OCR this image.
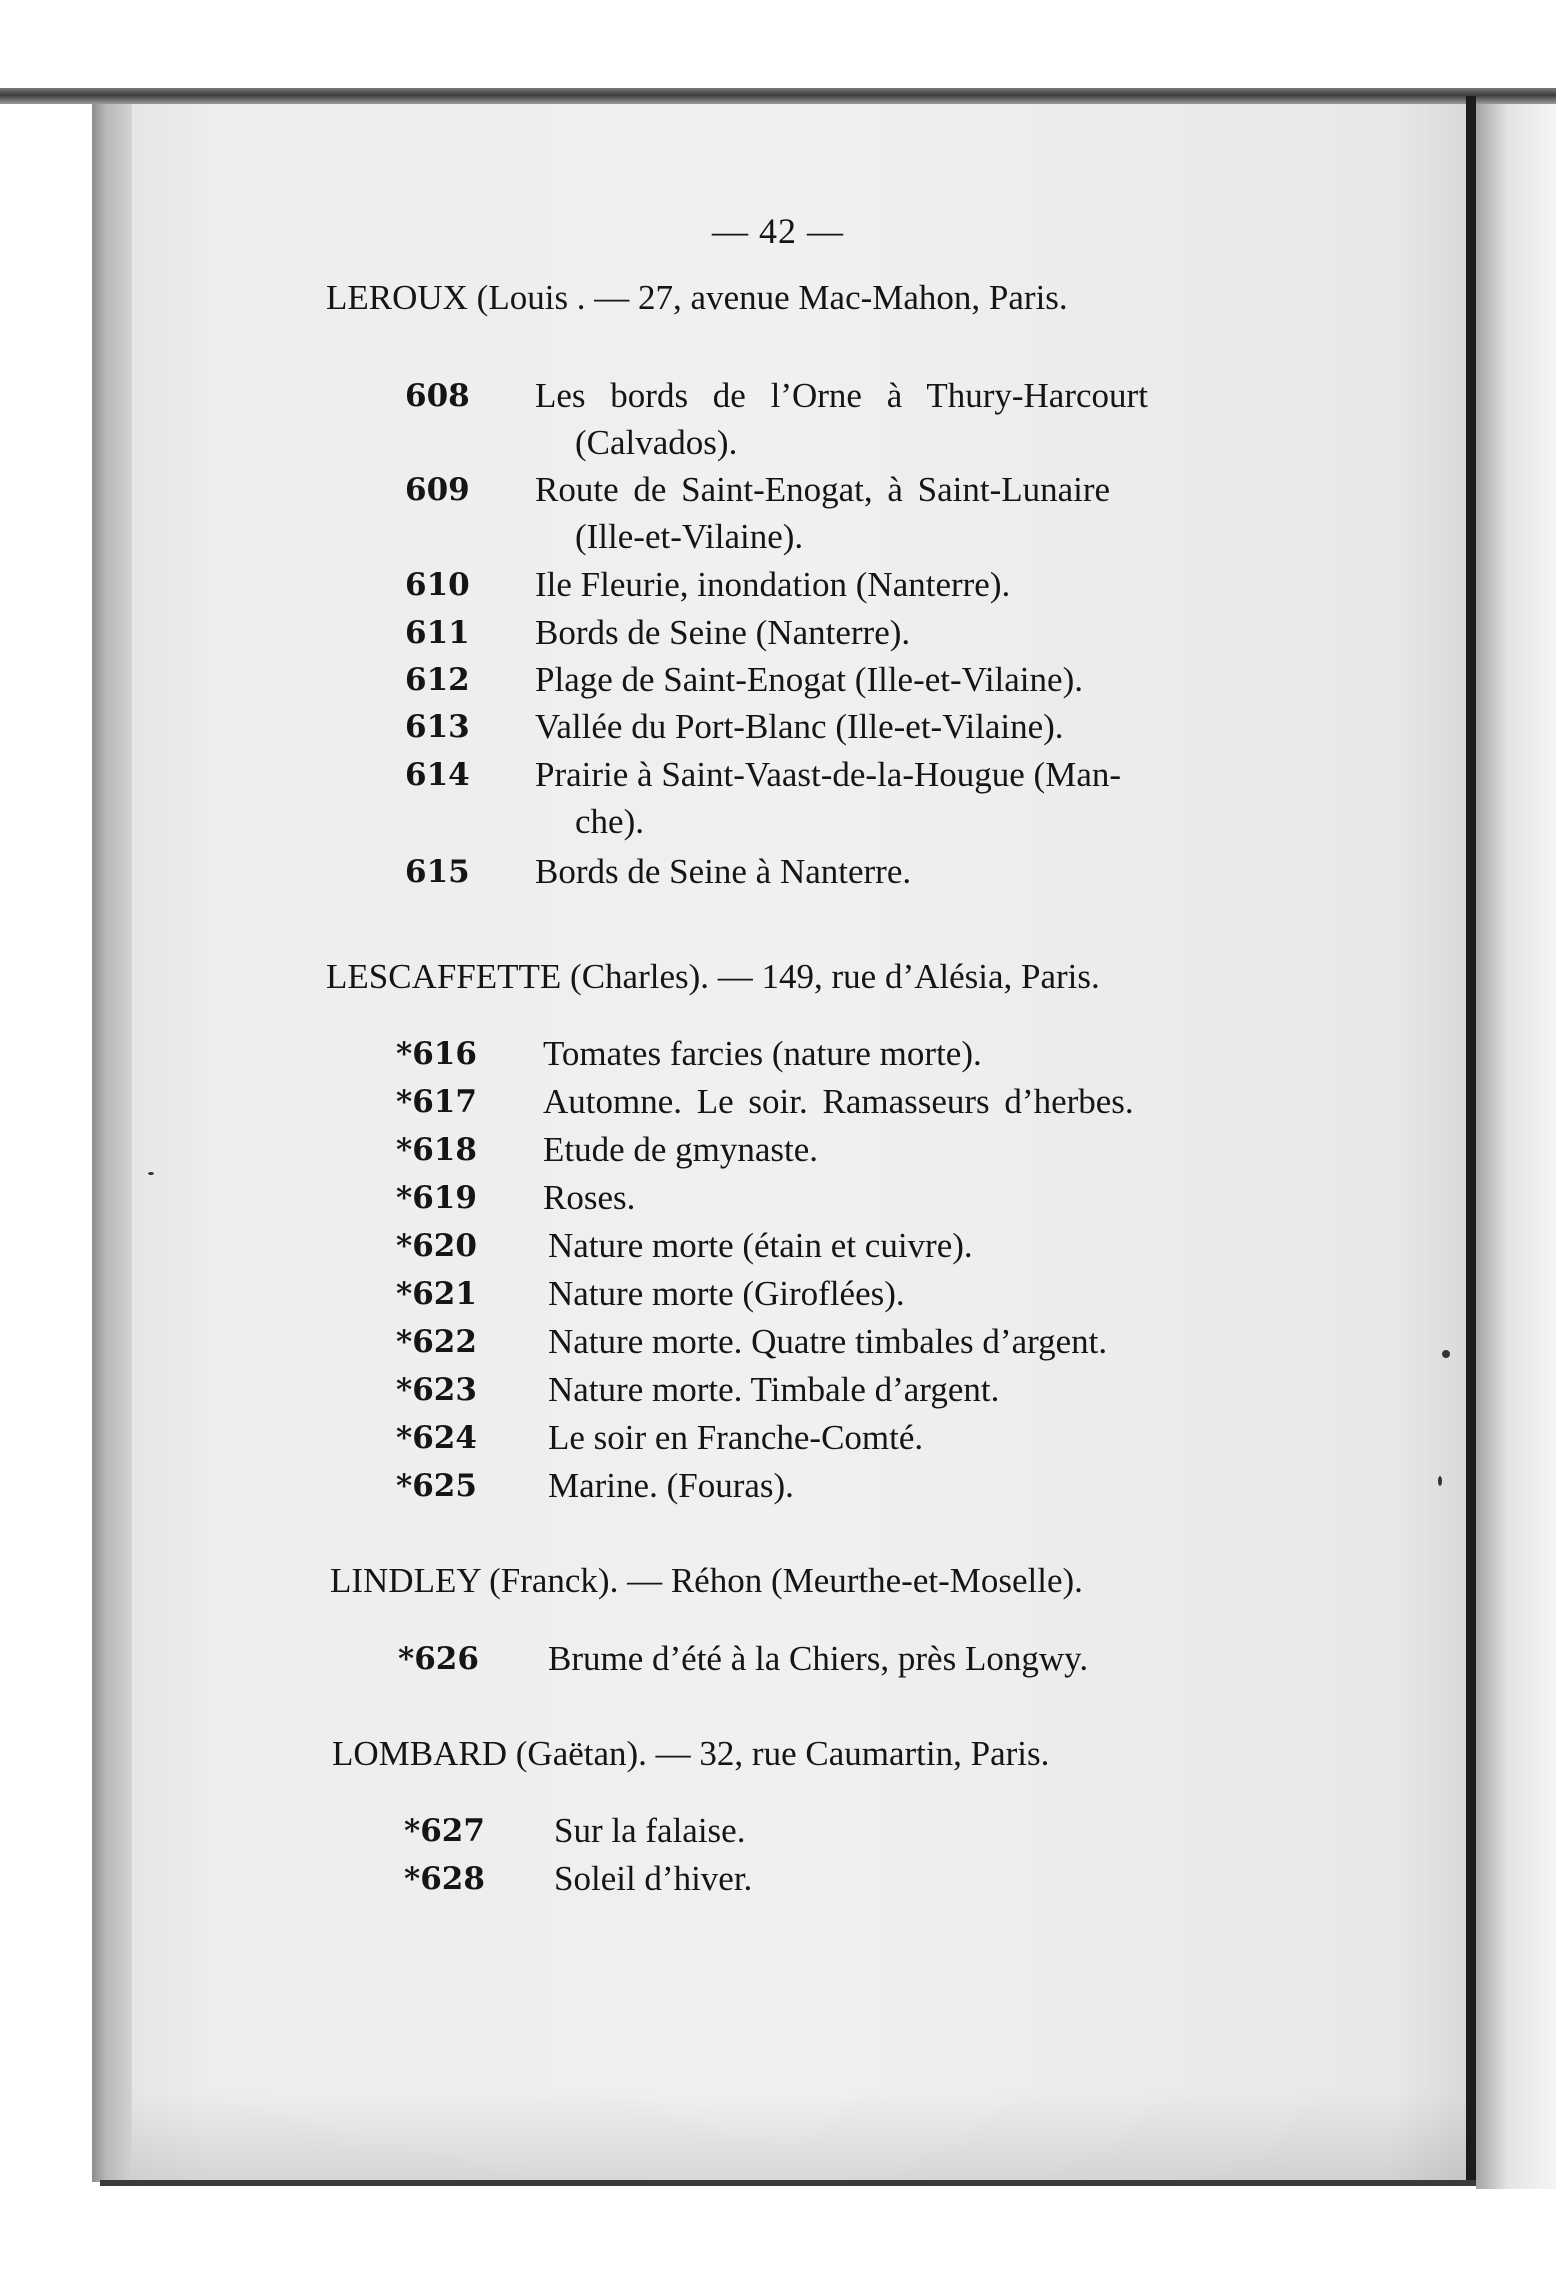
— 42 —
LEROUX (Louis . — 27, avenue Mac-Mahon, Paris.
608 Les bords de l’Orne à Thury-Harcourt
(Calvados).
609 Route de Saint-Enogat, à Saint-Lunaire
(Ille-et-Vilaine).
610 Ile Fleurie, inondation (Nanterre).
611 Bords de Seine (Nanterre).
612 Plage de Saint-Enogat (Ille-et-Vilaine).
613 Vallée du Port-Blanc (Ille-et-Vilaine).
614 Prairie à Saint-Vaast-de-la-Hougue (Man-
che).
615 Bords de Seine à Nanterre.
LESCAFFETTE (Charles). — 149, rue d’Alésia, Paris.
*616 Tomates farcies (nature morte).
*617 Automne. Le soir. Ramasseurs d’herbes.
*618 Etude de gmynaste.
*619 Roses.
*620 Nature morte (étain et cuivre).
*621 Nature morte (Giroflées).
*622 Nature morte. Quatre timbales d’argent.
*623 Nature morte. Timbale d’argent.
*624 Le soir en Franche-Comté.
*625 Marine. (Fouras).
LINDLEY (Franck). — Réhon (Meurthe-et-Moselle).
*626 Brume d’été à la Chiers, près Longwy.
LOMBARD (Gaëtan). — 32, rue Caumartin, Paris.
*627 Sur la falaise.
*628 Soleil d’hiver.
